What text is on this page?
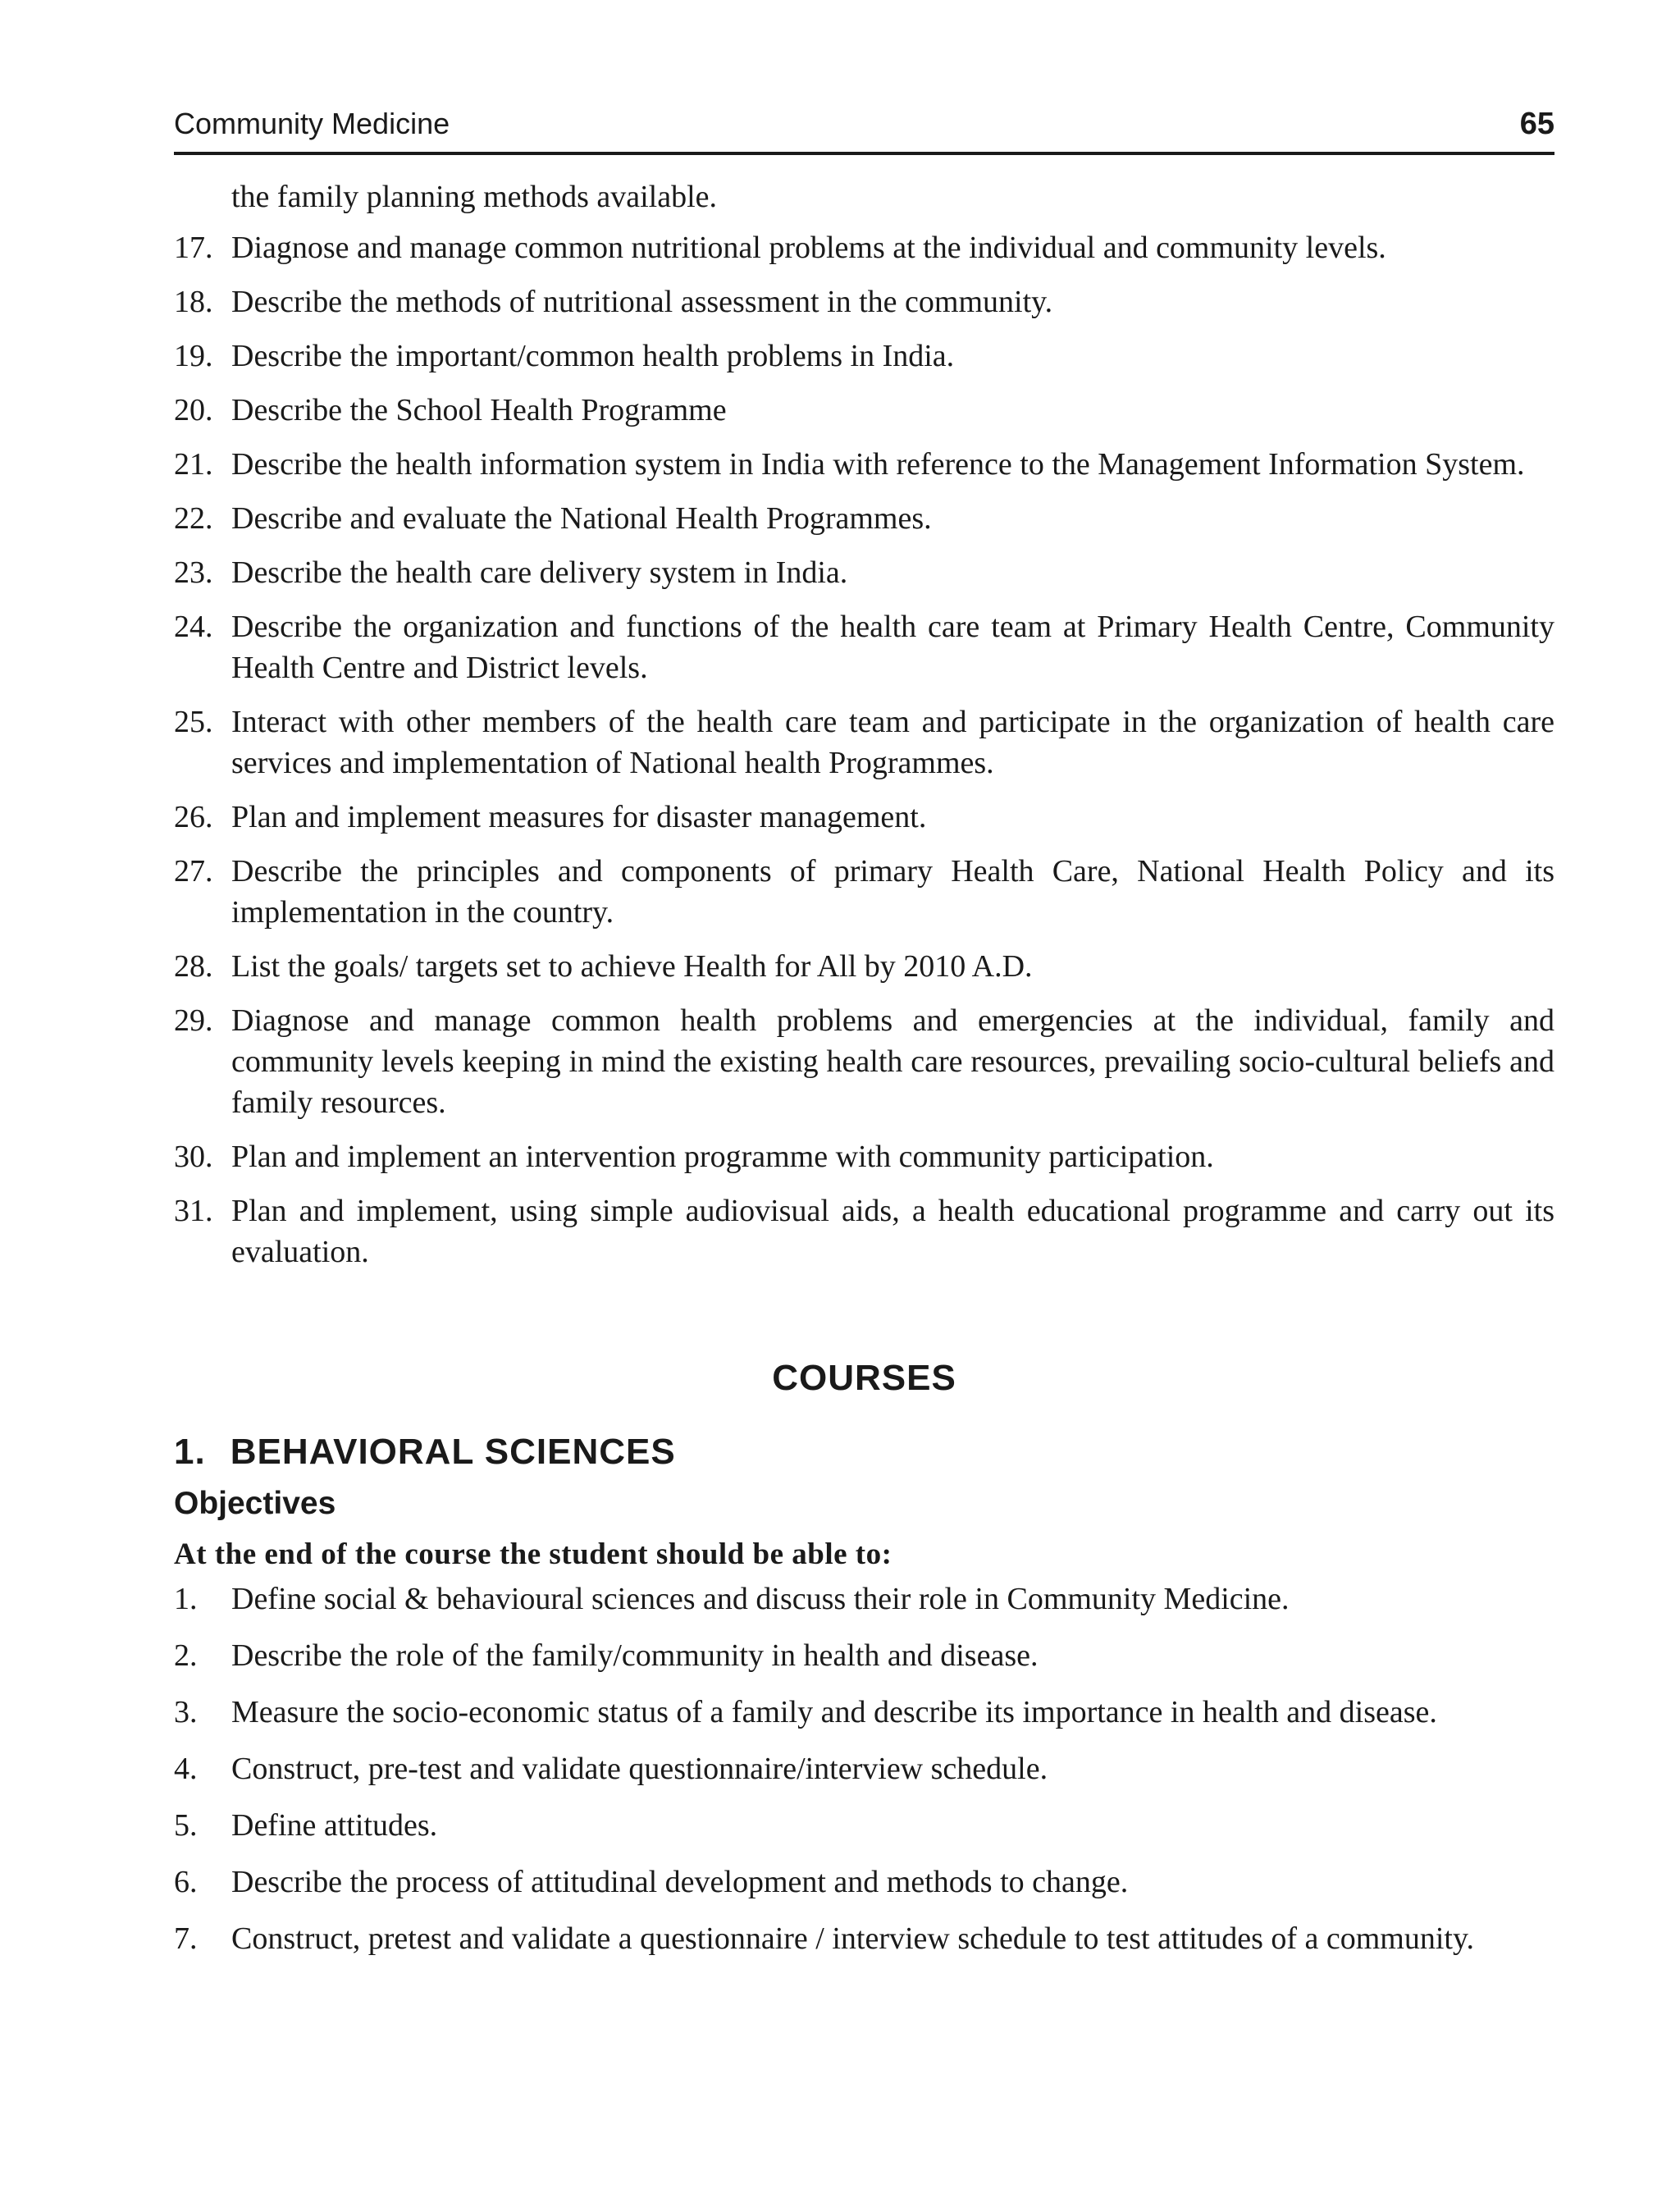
Community Medicine	65
the family planning methods available.
17. Diagnose and manage common nutritional problems at the individual and community levels.
18. Describe the methods of nutritional assessment in the community.
19. Describe the important/common health problems in India.
20. Describe the School Health Programme
21. Describe the health information system in India with reference to the Management Information System.
22. Describe and evaluate the National Health Programmes.
23. Describe the health care delivery system in India.
24. Describe the organization and functions of the health care team at Primary Health Centre, Community Health Centre and District levels.
25. Interact with other members of the health care team and participate in the organization of health care services and implementation of National health Programmes.
26. Plan and implement measures for disaster management.
27. Describe the principles and components of primary Health Care, National Health Policy and its implementation in the country.
28. List the goals/ targets set to achieve Health for All by 2010 A.D.
29. Diagnose and manage common health problems and emergencies at the individual, family and community levels keeping in mind the existing health care resources, prevailing socio-cultural beliefs and family resources.
30. Plan and implement an intervention programme with community participation.
31. Plan and implement, using simple audiovisual aids, a health educational programme and carry out its evaluation.
COURSES
1. BEHAVIORAL SCIENCES
Objectives
At the end of the course the student should be able to:
1.	Define social & behavioural sciences and discuss their role in Community Medicine.
2.	Describe the role of the family/community in health and disease.
3.	Measure the socio-economic status of a family and describe its importance in health and disease.
4.	Construct, pre-test and validate questionnaire/interview schedule.
5.	Define attitudes.
6.	Describe the process of attitudinal development and methods to change.
7.	Construct, pretest and validate a questionnaire / interview schedule to test attitudes of a community.
